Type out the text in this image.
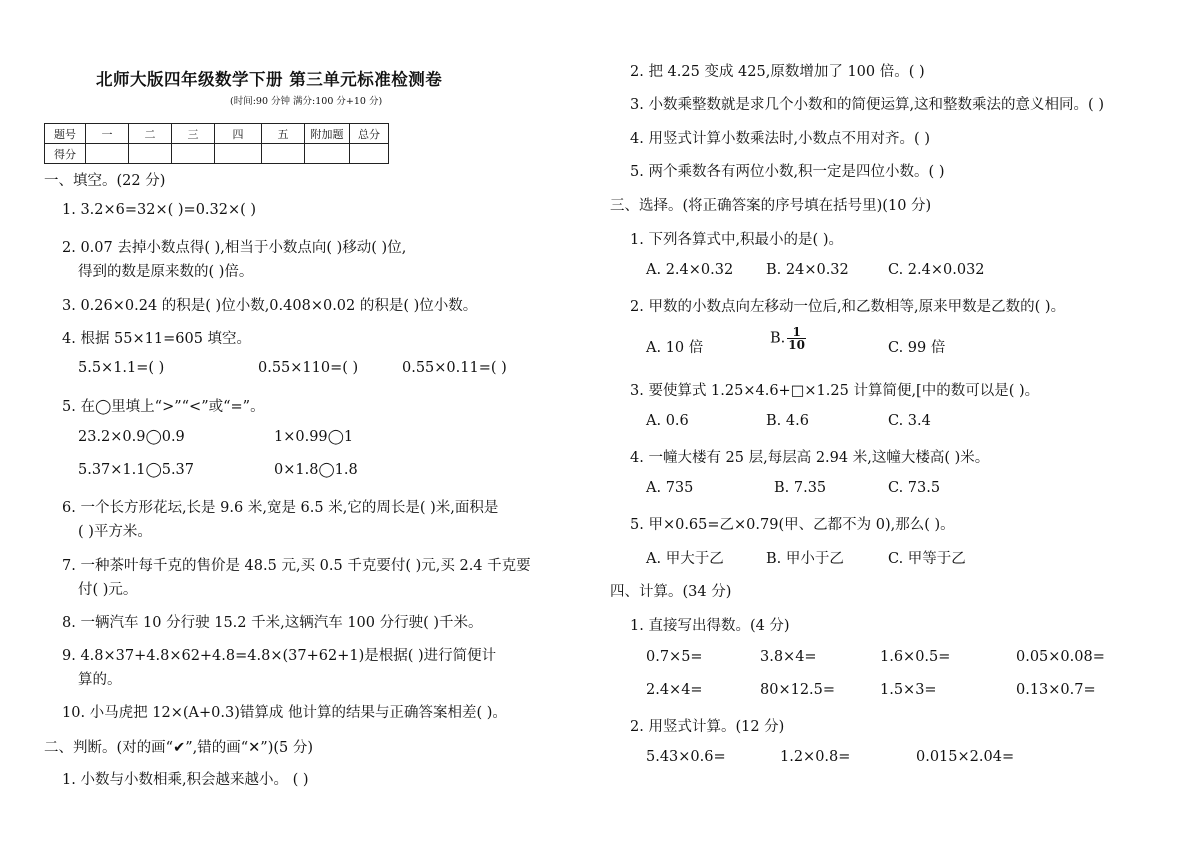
北师大版四年级数学下册 第三单元标准检测卷
(时间:90 分钟 满分:100 分+10 分)
题号	一	二	三	四	五	附加题	总分
得分							
一、填空。(22 分)
1. 3.2×6=32×( )=0.32×( )
2. 0.07 去掉小数点得( ),相当于小数点向( )移动( )位,
得到的数是原来数的( )倍。
3. 0.26×0.24 的积是( )位小数,0.408×0.02 的积是( )位小数。
4. 根据 55×11=605 填空。
5.5×1.1=( )	0.55×110=( )	0.55×0.11=( )
5. 在◯里填上“>”“<”或“=”。
23.2×0.9◯0.9	1×0.99◯1
5.37×1.1◯5.37	0×1.8◯1.8
6. 一个长方形花坛,长是 9.6 米,宽是 6.5 米,它的周长是( )米,面积是
( )平方米。
7. 一种茶叶每千克的售价是 48.5 元,买 0.5 千克要付( )元,买 2.4 千克要
付( )元。
8. 一辆汽车 10 分行驶 15.2 千米,这辆汽车 100 分行驶( )千米。
9. 4.8×37+4.8×62+4.8=4.8×(37+62+1)是根据( )进行简便计
算的。
10. 小马虎把 12×(A+0.3)错算成 他计算的结果与正确答案相差( )。
二、判断。(对的画“✔”,错的画“✕”)(5 分)
1. 小数与小数相乘,积会越来越小。 ( )
2. 把 4.25 变成 425,原数增加了 100 倍。( )
3. 小数乘整数就是求几个小数和的简便运算,这和整数乘法的意义相同。( )
4. 用竖式计算小数乘法时,小数点不用对齐。( )
5. 两个乘数各有两位小数,积一定是四位小数。( )
三、选择。(将正确答案的序号填在括号里)(10 分)
1. 下列各算式中,积最小的是( )。
A. 2.4×0.32 B. 24×0.32	C. 2.4×0.032
2. 甲数的小数点向左移动一位后,和乙数相等,原来甲数是乙数的( )。
A. 10 倍
B. $\frac{1}{10}$	C. 99 倍
3. 要使算式 1.25×4.6+□×1.25 计算简便,[中的数可以是( )。
A. 0.6	B. 4.6	C. 3.4
4. 一幢大楼有 25 层,每层高 2.94 米,这幢大楼高( )米。
A. 735	B. 7.35	C. 73.5
5. 甲×0.65=乙×0.79(甲、乙都不为 0),那么( )。
A. 甲大于乙	B. 甲小于乙	C. 甲等于乙
四、计算。(34 分)
1. 直接写出得数。(4 分)
0.7×5=	3.8×4=	1.6×0.5=	0.05×0.08=
2.4×4=	80×12.5=	1.5×3=	0.13×0.7=
2. 用竖式计算。(12 分)
5.43×0.6=	1.2×0.8=	0.015×2.04=
